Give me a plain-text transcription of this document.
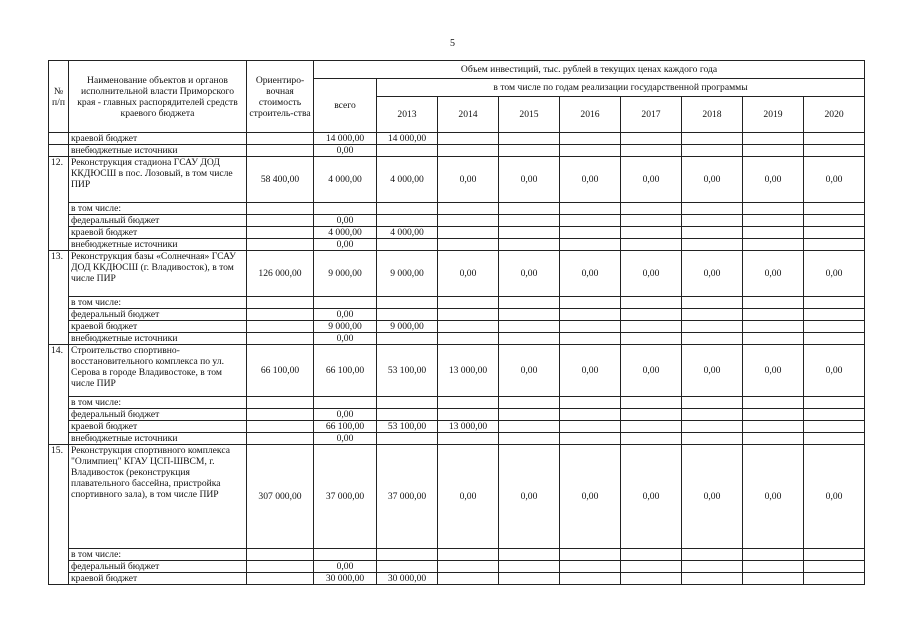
5
№ п/п	Наименование объектов и органов исполнительной власти Приморского края - главных распорядителей средств краевого бюджета	Ориентиро-вочная стоимость строитель-ства	Объем инвестиций, тыс. рублей в текущих ценах каждого года								
			всего	в том числе по годам реализации государственной программы							
				2013	2014	2015	2016	2017	2018	2019	2020
	краевой бюджет		14 000,00	14 000,00							
	внебюджетные источники		0,00								
12.	Реконструкция стадиона ГСАУ ДОД ККДЮСШ в пос. Лозовый, в том числе ПИР	58 400,00	4 000,00	4 000,00	0,00	0,00	0,00	0,00	0,00	0,00	0,00
	в том числе:										
	федеральный бюджет		0,00								
	краевой бюджет		4 000,00	4 000,00							
	внебюджетные источники		0,00								
13.	Реконструкция базы «Солнечная» ГСАУ ДОД ККДЮСШ (г. Владивосток), в том числе ПИР	126 000,00	9 000,00	9 000,00	0,00	0,00	0,00	0,00	0,00	0,00	0,00
	в том числе:										
	федеральный бюджет		0,00								
	краевой бюджет		9 000,00	9 000,00							
	внебюджетные источники		0,00								
14.	Строительство спортивно-восстановительного комплекса по ул. Серова в городе Владивостоке, в том числе ПИР	66 100,00	66 100,00	53 100,00	13 000,00	0,00	0,00	0,00	0,00	0,00	0,00
	в том числе:										
	федеральный бюджет		0,00								
	краевой бюджет		66 100,00	53 100,00	13 000,00						
	внебюджетные источники		0,00								
15.	Реконструкция спортивного комплекса "Олимпиец" КГАУ ЦСП-ШВСМ, г. Владивосток (реконструкция плавательного бассейна, пристройка спортивного зала), в том числе ПИР	307 000,00	37 000,00	37 000,00	0,00	0,00	0,00	0,00	0,00	0,00	0,00
	в том числе:										
	федеральный бюджет		0,00								
	краевой бюджет		30 000,00	30 000,00							
